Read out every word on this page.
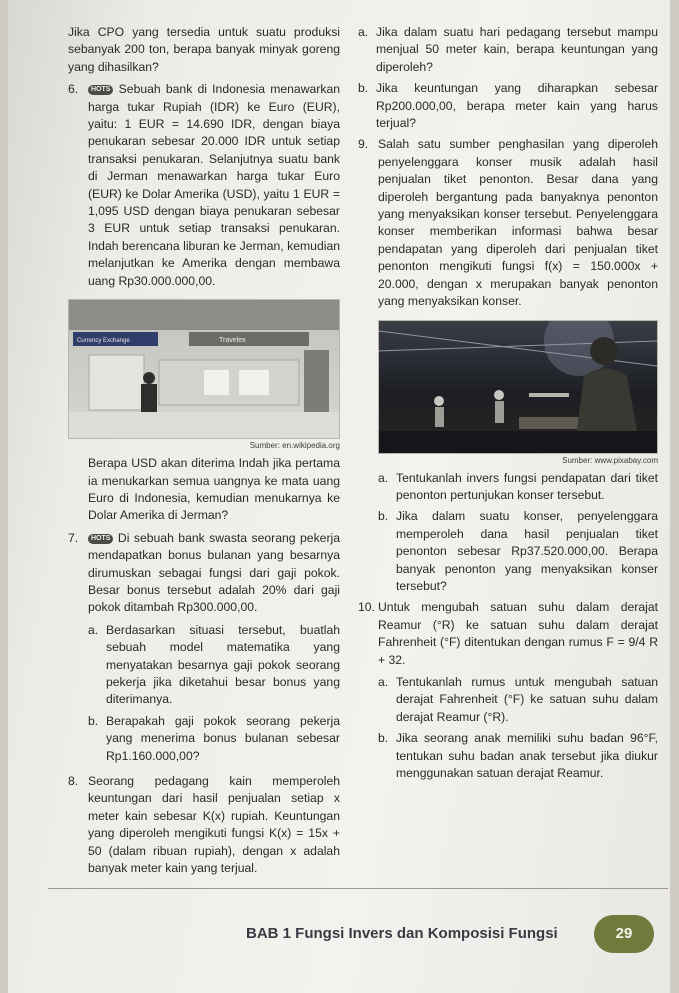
Jika CPO yang tersedia untuk suatu produksi sebanyak 200 ton, berapa banyak minyak goreng yang dihasilkan?

6.	HOTS Sebuah bank di Indonesia menawarkan harga tukar Rupiah (IDR) ke Euro (EUR), yaitu: 1 EUR = 14.690 IDR, dengan biaya penukaran sebesar 20.000 IDR untuk setiap transaksi penukaran. Selanjutnya suatu bank di Jerman menawarkan harga tukar Euro (EUR) ke Dolar Amerika (USD), yaitu 1 EUR = 1,095 USD dengan biaya penukaran sebesar 3 EUR untuk setiap transaksi penukaran. Indah berencana liburan ke Jerman, kemudian melanjutkan ke Amerika dengan membawa uang Rp30.000.000,00.

Currency Exchange	Travelex
Sumber: en.wikipedia.org

Berapa USD akan diterima Indah jika pertama ia menukarkan semua uangnya ke mata uang Euro di Indonesia, kemudian menukarnya ke Dolar Amerika di Jerman?

7.	HOTS Di sebuah bank swasta seorang pekerja mendapatkan bonus bulanan yang besarnya dirumuskan sebagai fungsi dari gaji pokok. Besar bonus tersebut adalah 20% dari gaji pokok ditambah Rp300.000,00.

a. Berdasarkan situasi tersebut, buatlah sebuah model matematika yang menyatakan besarnya gaji pokok seorang pekerja jika diketahui besar bonus yang diterimanya.
b. Berapakah gaji pokok seorang pekerja yang menerima bonus bulanan sebesar Rp1.160.000,00?
8. Seorang pedagang kain memperoleh keuntungan dari hasil penjualan setiap x meter kain sebesar K(x) rupiah. Keuntungan yang diperoleh mengikuti fungsi K(x) = 15x + 50 (dalam ribuan rupiah), dengan x adalah banyak meter kain yang terjual.

a. Jika dalam suatu hari pedagang tersebut mampu menjual 50 meter kain, berapa keuntungan yang diperoleh?
b. Jika keuntungan yang diharapkan sebesar Rp200.000,00, berapa meter kain yang harus terjual?
9. Salah satu sumber penghasilan yang diperoleh penyelenggara konser musik adalah hasil penjualan tiket penonton. Besar dana yang diperoleh bergantung pada banyaknya penonton yang menyaksikan konser tersebut. Penyelenggara konser memberikan informasi bahwa besar pendapatan yang diperoleh dari penjualan tiket penonton mengikuti fungsi f(x) = 150.000x + 20.000, dengan x merupakan banyak penonton yang menyaksikan konser.

Sumber: www.pixabay.com
a. Tentukanlah invers fungsi pendapatan dari tiket penonton pertunjukan konser tersebut.
b. Jika dalam suatu konser, penyelenggara memperoleh dana hasil penjualan tiket penonton sebesar Rp37.520.000,00. Berapa banyak penonton yang menyaksikan konser tersebut?
10. Untuk mengubah satuan suhu dalam derajat Reamur (°R) ke satuan suhu dalam derajat Fahrenheit (°F) ditentukan dengan rumus F = 9/4 R + 32.

a. Tentukanlah rumus untuk mengubah satuan derajat Fahrenheit (°F) ke satuan suhu dalam derajat Reamur (°R).
b. Jika seorang anak memiliki suhu badan 96°F, tentukan suhu badan anak tersebut jika diukur menggunakan satuan derajat Reamur.
BAB 1 Fungsi Invers dan Komposisi Fungsi	29
